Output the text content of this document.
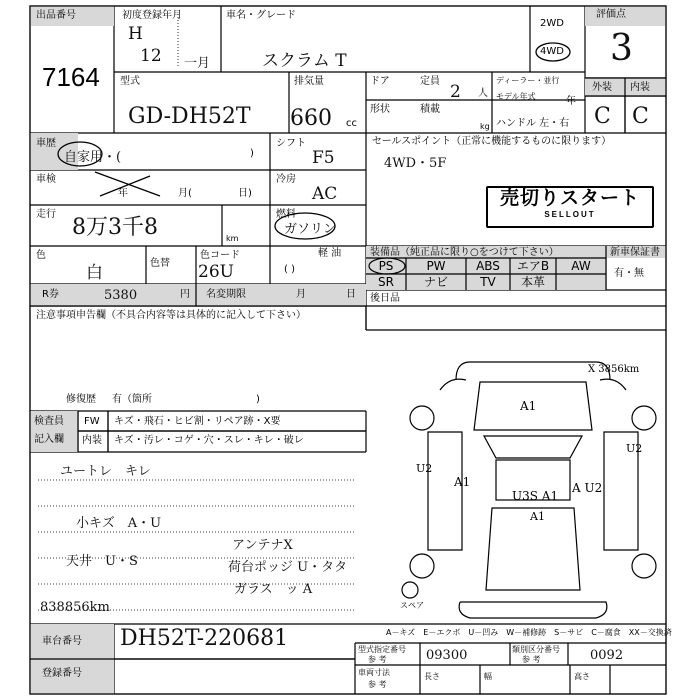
出品番号
7164
初度登録年月
H
12 一月
車名・グレード
スクラム T
2WD
4WD
評価点
3
型式
GD-DH52T
排気量
660 cc
ドア	定員
2 人
ディーラー・並行
モデル年式	年
形状	積載
kg ハンドル 左・右
外装 内装
C C
車歴
自家用・(	)
シフト
F5
セールスポイント（正常に機能するものに限ります）
4WD・5F
車検
年	月(	日)
冷房
AC
走行
8万3千8	km
燃料
ガソリン
軽 油
( )
売切りスタート
SELLOUT
色
白	色替
色コード
26U
装備品（純正品に限り○をつけて下さい）	新車保証書
有・無
PS	PW	ABS	エアB	AW
SR	ナビ	TV	本革
R券	5380	円 名変期限	月	日 後日品
注意事項申告欄（不具合内容等は具体的に記入して下さい）
修復歴 有（箇所	)
検査員
記入欄
FW キズ・飛石・ヒビ割・リペア跡・X要
内装 キズ・汚レ・コゲ・穴・スレ・キレ・破レ
ユートレ　キレ
小キズ　A・U
天井　U・S
838856km
アンテナX
荷台ポッジ U・タタ
ガラス　ッ A
A1
A1
U3S A1
A U2
U2
U2
X 3856km
A1
スペア
A－キズ　E－エクボ　U－凹み　W－補修跡　S－サビ　C－腐食　XX－交換済
車台番号 DH52T-220681
登録番号
型式指定番号
参 考	09300	類別区分番号
参 考	0092
車両寸法
参 考
長さ	幅	高さ
